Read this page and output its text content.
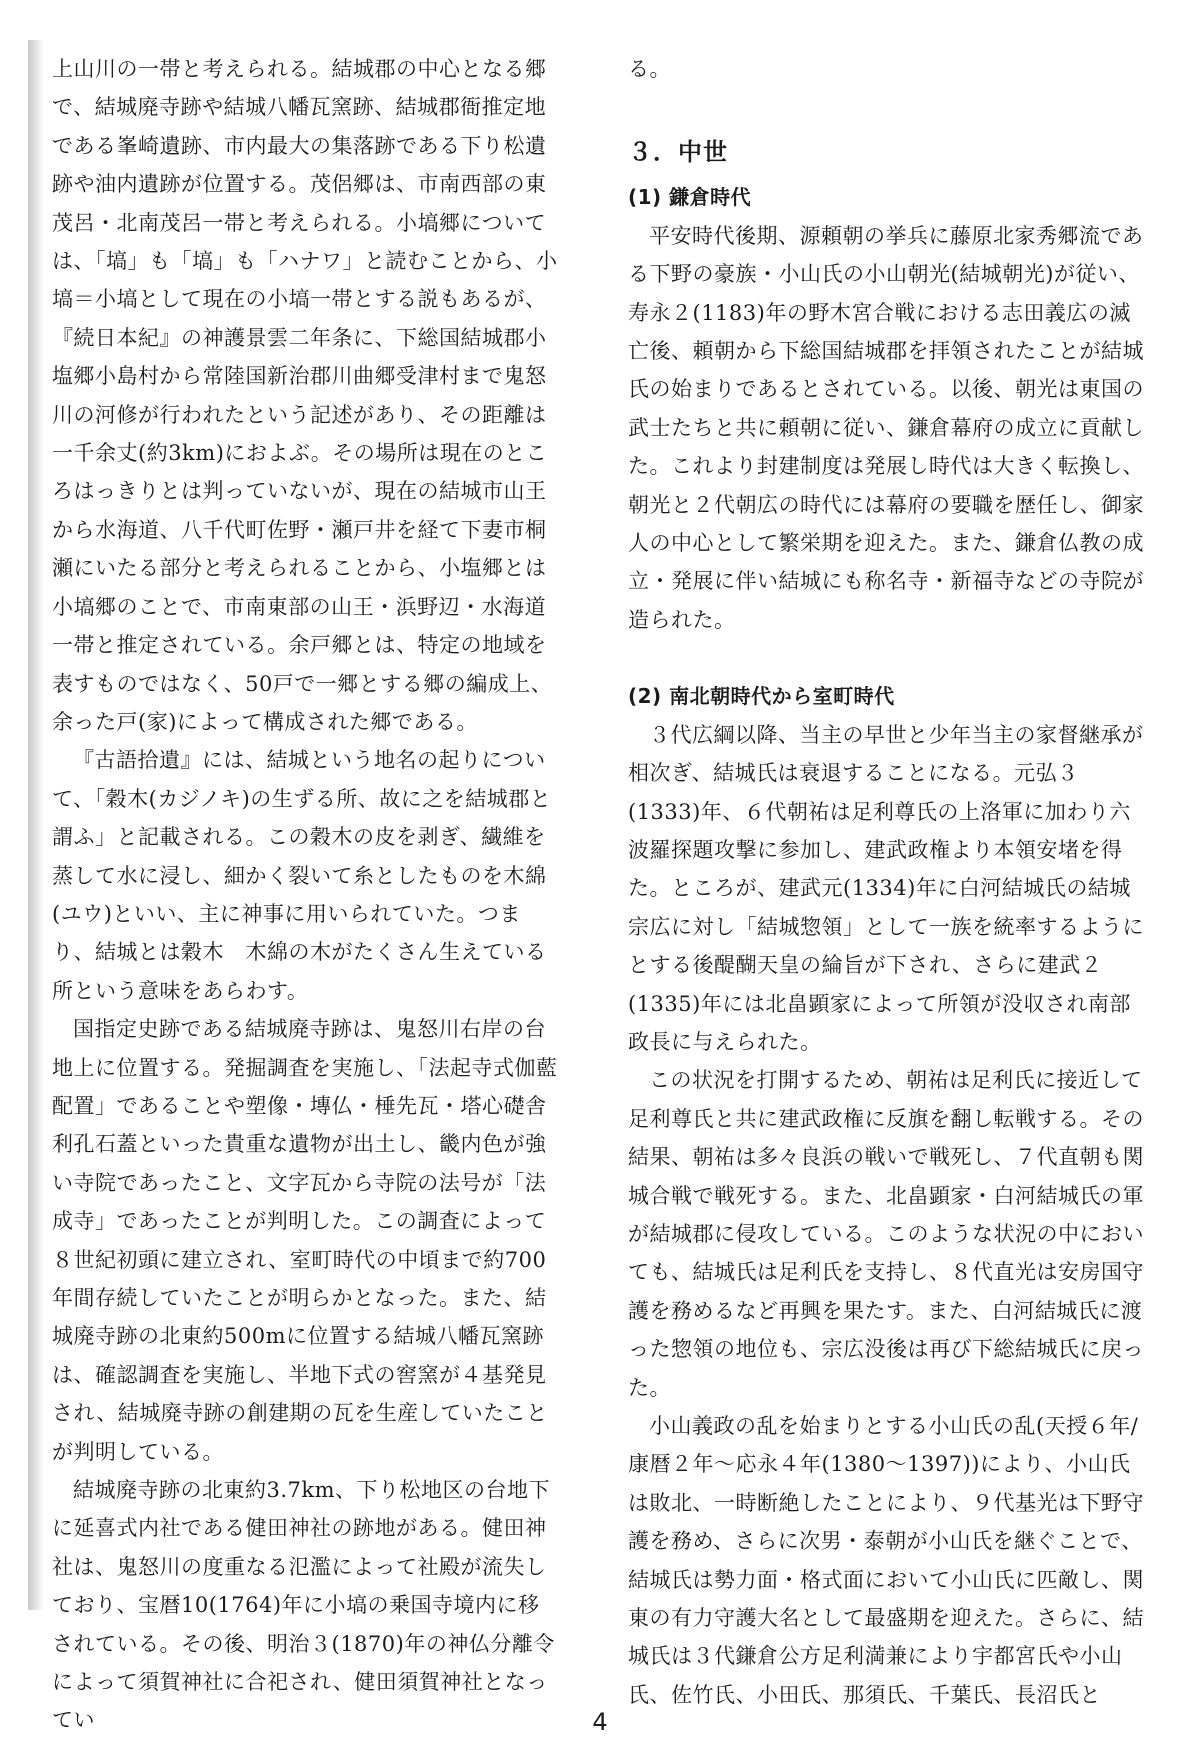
上山川の一帯と考えられる。結城郡の中心となる郷で、結城廃寺跡や結城八幡瓦窯跡、結城郡衙推定地である峯崎遺跡、市内最大の集落跡である下り松遺跡や油内遺跡が位置する。茂侶郷は、市南西部の東茂呂・北南茂呂一帯と考えられる。小塙郷については、「塙」も「塙」も「ハナワ」と読むことから、小塙＝小塙として現在の小塙一帯とする説もあるが、『続日本紀』の神護景雲二年条に、下総国結城郡小塩郷小島村から常陸国新治郡川曲郷受津村まで鬼怒川の河修が行われたという記述があり、その距離は一千余丈(約3km)におよぶ。その場所は現在のところはっきりとは判っていないが、現在の結城市山王から水海道、八千代町佐野・瀬戸井を経て下妻市桐瀬にいたる部分と考えられることから、小塩郷とは小塙郷のことで、市南東部の山王・浜野辺・水海道一帯と推定されている。余戸郷とは、特定の地域を表すものではなく、50戸で一郷とする郷の編成上、余った戸(家)によって構成された郷である。

『古語拾遺』には、結城という地名の起りについて、「穀木(カジノキ)の生ずる所、故に之を結城郡と謂ふ」と記載される。この穀木の皮を剥ぎ、繊維を蒸して水に浸し、細かく裂いて糸としたものを木綿(ユウ)といい、主に神事に用いられていた。つまり、結城とは穀木　木綿の木がたくさん生えている所という意味をあらわす。

国指定史跡である結城廃寺跡は、鬼怒川右岸の台地上に位置する。発掘調査を実施し、「法起寺式伽藍配置」であることや塑像・塼仏・棰先瓦・塔心礎舎利孔石蓋といった貴重な遺物が出土し、畿内色が強い寺院であったこと、文字瓦から寺院の法号が「法成寺」であったことが判明した。この調査によって８世紀初頭に建立され、室町時代の中頃まで約700年間存続していたことが明らかとなった。また、結城廃寺跡の北東約500mに位置する結城八幡瓦窯跡は、確認調査を実施し、半地下式の窖窯が４基発見され、結城廃寺跡の創建期の瓦を生産していたことが判明している。

結城廃寺跡の北東約3.7km、下り松地区の台地下に延喜式内社である健田神社の跡地がある。健田神社は、鬼怒川の度重なる氾濫によって社殿が流失しており、宝暦10(1764)年に小塙の乗国寺境内に移されている。その後、明治３(1870)年の神仏分離令によって須賀神社に合祀され、健田須賀神社となってい

る。

３．中世
(1) 鎌倉時代

平安時代後期、源頼朝の挙兵に藤原北家秀郷流である下野の豪族・小山氏の小山朝光(結城朝光)が従い、寿永２(1183)年の野木宮合戦における志田義広の滅亡後、頼朝から下総国結城郡を拝領されたことが結城氏の始まりであるとされている。以後、朝光は東国の武士たちと共に頼朝に従い、鎌倉幕府の成立に貢献した。これより封建制度は発展し時代は大きく転換し、朝光と２代朝広の時代には幕府の要職を歴任し、御家人の中心として繁栄期を迎えた。また、鎌倉仏教の成立・発展に伴い結城にも称名寺・新福寺などの寺院が造られた。

(2) 南北朝時代から室町時代

３代広綱以降、当主の早世と少年当主の家督継承が相次ぎ、結城氏は衰退することになる。元弘３(1333)年、６代朝祐は足利尊氏の上洛軍に加わり六波羅探題攻撃に参加し、建武政権より本領安堵を得た。ところが、建武元(1334)年に白河結城氏の結城宗広に対し「結城惣領」として一族を統率するようにとする後醍醐天皇の綸旨が下され、さらに建武２(1335)年には北畠顕家によって所領が没収され南部政長に与えられた。

この状況を打開するため、朝祐は足利氏に接近して足利尊氏と共に建武政権に反旗を翻し転戦する。その結果、朝祐は多々良浜の戦いで戦死し、７代直朝も関城合戦で戦死する。また、北畠顕家・白河結城氏の軍が結城郡に侵攻している。このような状況の中においても、結城氏は足利氏を支持し、８代直光は安房国守護を務めるなど再興を果たす。また、白河結城氏に渡った惣領の地位も、宗広没後は再び下総結城氏に戻った。

小山義政の乱を始まりとする小山氏の乱(天授６年/康暦２年～応永４年(1380～1397))により、小山氏は敗北、一時断絶したことにより、９代基光は下野守護を務め、さらに次男・泰朝が小山氏を継ぐことで、結城氏は勢力面・格式面において小山氏に匹敵し、関東の有力守護大名として最盛期を迎えた。さらに、結城氏は３代鎌倉公方足利満兼により宇都宮氏や小山氏、佐竹氏、小田氏、那須氏、千葉氏、長沼氏と

4
